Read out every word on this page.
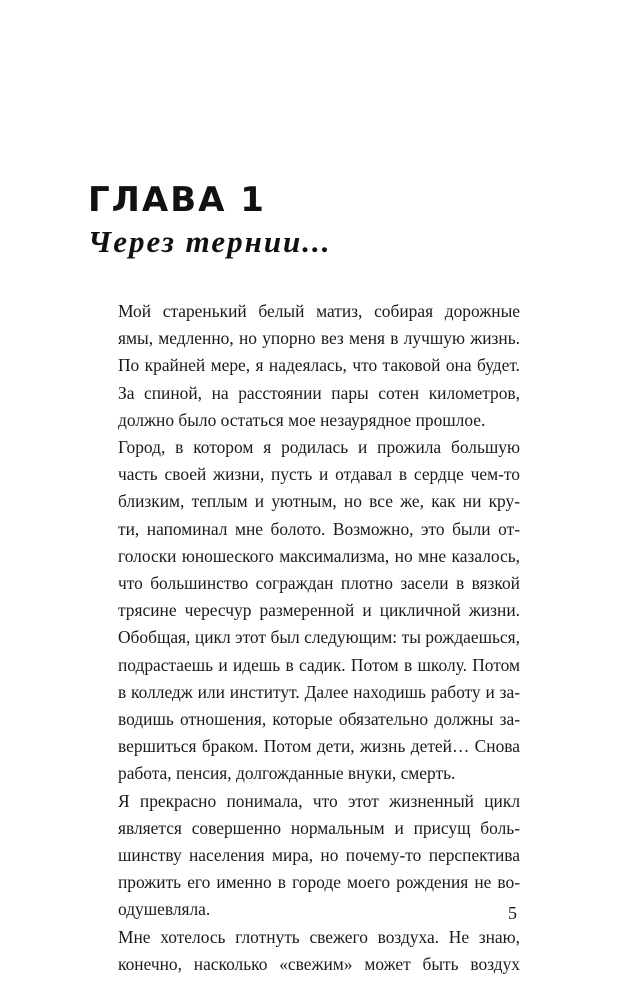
ГЛАВА 1
Через тернии...

Мой старенький белый матиз, собирая дорожные
ямы, медленно, но упорно вез меня в лучшую жизнь.
По крайней мере, я надеялась, что таковой она будет.
За спиной, на расстоянии пары сотен километров,
должно было остаться мое незаурядное прошлое.

Город, в котором я родилась и прожила большую
часть своей жизни, пусть и отдавал в сердце чем-то
близким, теплым и уютным, но все же, как ни кру-
ти, напоминал мне болото. Возможно, это были от-
голоски юношеского максимализма, но мне казалось,
что большинство сограждан плотно засели в вязкой
трясине чересчур размеренной и цикличной жизни.
Обобщая, цикл этот был следующим: ты рождаешься,
подрастаешь и идешь в садик. Потом в школу. Потом
в колледж или институт. Далее находишь работу и за-
водишь отношения, которые обязательно должны за-
вершиться браком. Потом дети, жизнь детей… Снова
работа, пенсия, долгожданные внуки, смерть.

Я прекрасно понимала, что этот жизненный цикл
является совершенно нормальным и присущ боль-
шинству населения мира, но почему-то перспектива
прожить его именно в городе моего рождения не во-
одушевляла.

Мне хотелось глотнуть свежего воздуха. Не знаю,
конечно, насколько «свежим» может быть воздух

5
